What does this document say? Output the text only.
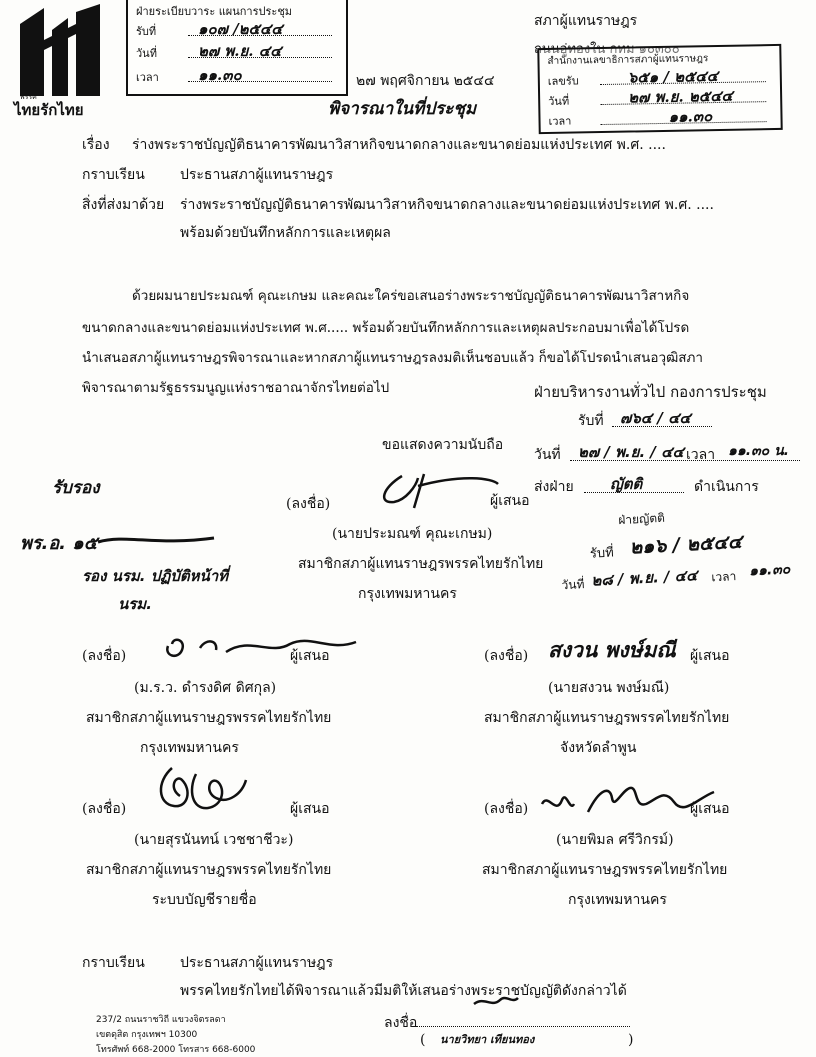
พรรค
ไทยรักไทย
ฝ่ายระเบียบวาระ แผนการประชุม
รับที่	๑๐๗ /๒๕๔๔
วันที่	๒๗ พ.ย. ๔๔
เวลา	๑๑.๓๐
สภาผู้แทนราษฎร
ถนนอู่ทองใน กทม ๑๐๓๐๐
สำนักงานเลขาธิการสภาผู้แทนราษฎร
เลขรับ	๖๕๑ / ๒๕๔๔
วันที่	๒๗ พ.ย. ๒๕๔๔
เวลา	๑๑.๓๐
๒๗ พฤศจิกายน ๒๕๔๔
พิจารณาในที่ประชุม
เรื่อง ร่างพระราชบัญญัติธนาคารพัฒนาวิสาหกิจขนาดกลางและขนาดย่อมแห่งประเทศ พ.ศ. ....
กราบเรียน	ประธานสภาผู้แทนราษฎร
สิ่งที่ส่งมาด้วย ร่างพระราชบัญญัติธนาคารพัฒนาวิสาหกิจขนาดกลางและขนาดย่อมแห่งประเทศ พ.ศ. ....
พร้อมด้วยบันทึกหลักการและเหตุผล
ด้วยผมนายประมณฑ์ คุณะเกษม และคณะใคร่ขอเสนอร่างพระราชบัญญัติธนาคารพัฒนาวิสาหกิจ
ขนาดกลางและขนาดย่อมแห่งประเทศ พ.ศ..... พร้อมด้วยบันทึกหลักการและเหตุผลประกอบมาเพื่อได้โปรด
นำเสนอสภาผู้แทนราษฎรพิจารณาและหากสภาผู้แทนราษฎรลงมติเห็นชอบแล้ว ก็ขอได้โปรดนำเสนอวุฒิสภา
พิจารณาตามรัฐธรรมนูญแห่งราชอาณาจักรไทยต่อไป
ขอแสดงความนับถือ
ฝ่ายบริหารงานทั่วไป กองการประชุม
รับที่ ๗๖๔ / ๔๔
วันที่ ๒๗ / พ.ย. / ๔๔ เวลา ๑๑.๓๐ น.
ส่งฝ่าย ญัตติ	ดำเนินการ
ฝ่ายญัตติ
รับที่ ๒๑๖ / ๒๕๔๔
วันที่ ๒๘ / พ.ย. / ๔๔ เวลา ๑๑.๓๐
รับรอง
พร.อ. ๑๕
รอง นรม. ปฏิบัติหน้าที่
นรม.
(ลงชื่อ)	ผู้เสนอ
(นายประมณฑ์ คุณะเกษม)
สมาชิกสภาผู้แทนราษฎรพรรคไทยรักไทย
กรุงเทพมหานคร
(ลงชื่อ)	ผู้เสนอ
(ม.ร.ว. ดำรงดิศ ดิศกุล)
สมาชิกสภาผู้แทนราษฎรพรรคไทยรักไทย
กรุงเทพมหานคร
(ลงชื่อ) สงวน พงษ์มณี ผู้เสนอ
(นายสงวน พงษ์มณี)
สมาชิกสภาผู้แทนราษฎรพรรคไทยรักไทย
จังหวัดลำพูน
(ลงชื่อ)	ผู้เสนอ
(นายสุรนันทน์ เวชชาชีวะ)
สมาชิกสภาผู้แทนราษฎรพรรคไทยรักไทย
ระบบบัญชีรายชื่อ
(ลงชื่อ)	ผู้เสนอ
(นายพิมล ศรีวิกรม์)
สมาชิกสภาผู้แทนราษฎรพรรคไทยรักไทย
กรุงเทพมหานคร
กราบเรียน	ประธานสภาผู้แทนราษฎร
พรรคไทยรักไทยได้พิจารณาแล้วมีมติให้เสนอร่างพระราชบัญญัติดังกล่าวได้
ลงชื่อ
นายวิทยา เทียนทอง
(	)
237/2 ถนนราชวิถี แขวงจิตรลดา
เขตดุสิต กรุงเทพฯ 10300
โทรศัพท์ 668-2000 โทรสาร 668-6000
